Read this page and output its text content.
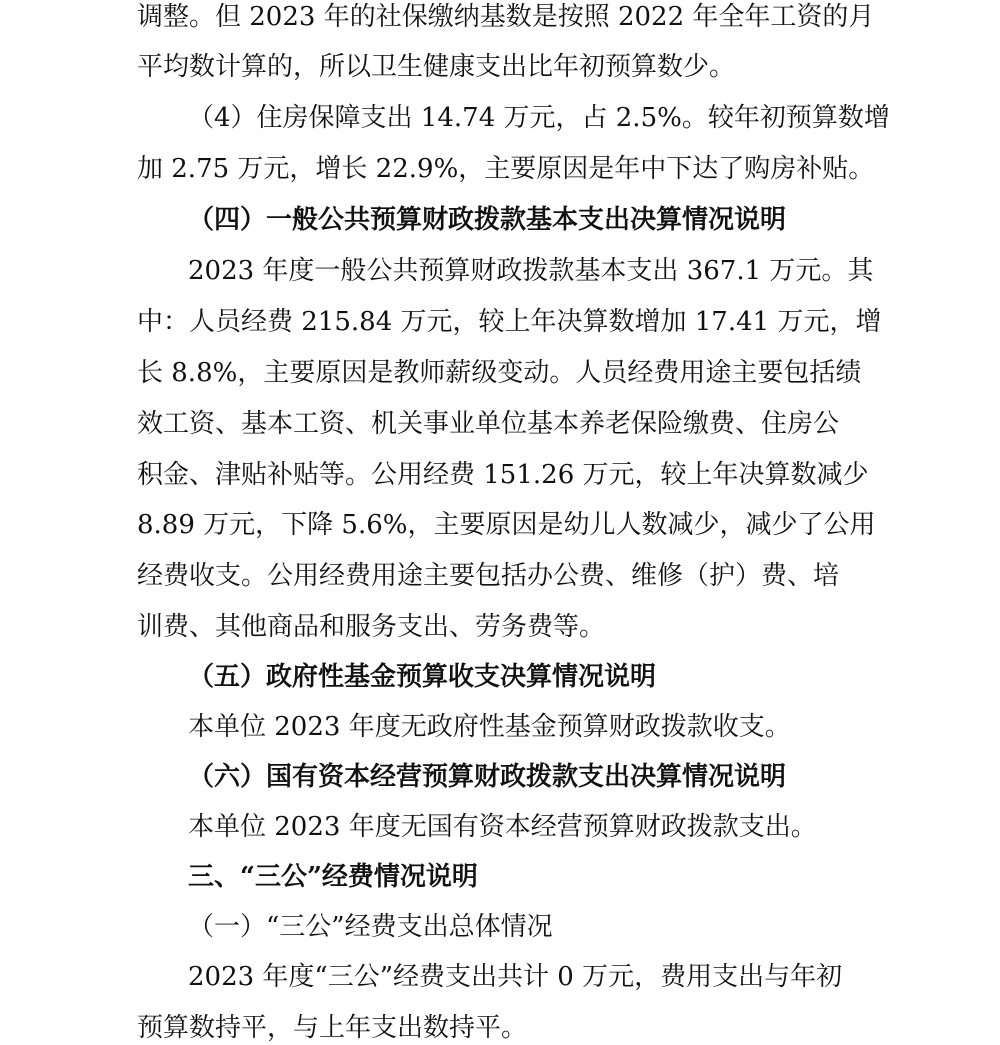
调整。但 2023 年的社保缴纳基数是按照 2022 年全年工资的月

平均数计算的，所以卫生健康支出比年初预算数少。

（4）住房保障支出 14.74 万元，占 2.5%。较年初预算数增

加 2.75 万元，增长 22.9%，主要原因是年中下达了购房补贴。

（四）一般公共预算财政拨款基本支出决算情况说明

2023 年度一般公共预算财政拨款基本支出 367.1 万元。其

中：人员经费 215.84 万元，较上年决算数增加 17.41 万元，增

长 8.8%，主要原因是教师薪级变动。人员经费用途主要包括绩

效工资、基本工资、机关事业单位基本养老保险缴费、住房公

积金、津贴补贴等。公用经费 151.26 万元，较上年决算数减少

8.89 万元，下降 5.6%，主要原因是幼儿人数减少，减少了公用

经费收支。公用经费用途主要包括办公费、维修（护）费、培

训费、其他商品和服务支出、劳务费等。

（五）政府性基金预算收支决算情况说明

本单位 2023 年度无政府性基金预算财政拨款收支。

（六）国有资本经营预算财政拨款支出决算情况说明

本单位 2023 年度无国有资本经营预算财政拨款支出。

三、“三公”经费情况说明

（一）“三公”经费支出总体情况

2023 年度“三公”经费支出共计 0 万元，费用支出与年初

预算数持平，与上年支出数持平。
